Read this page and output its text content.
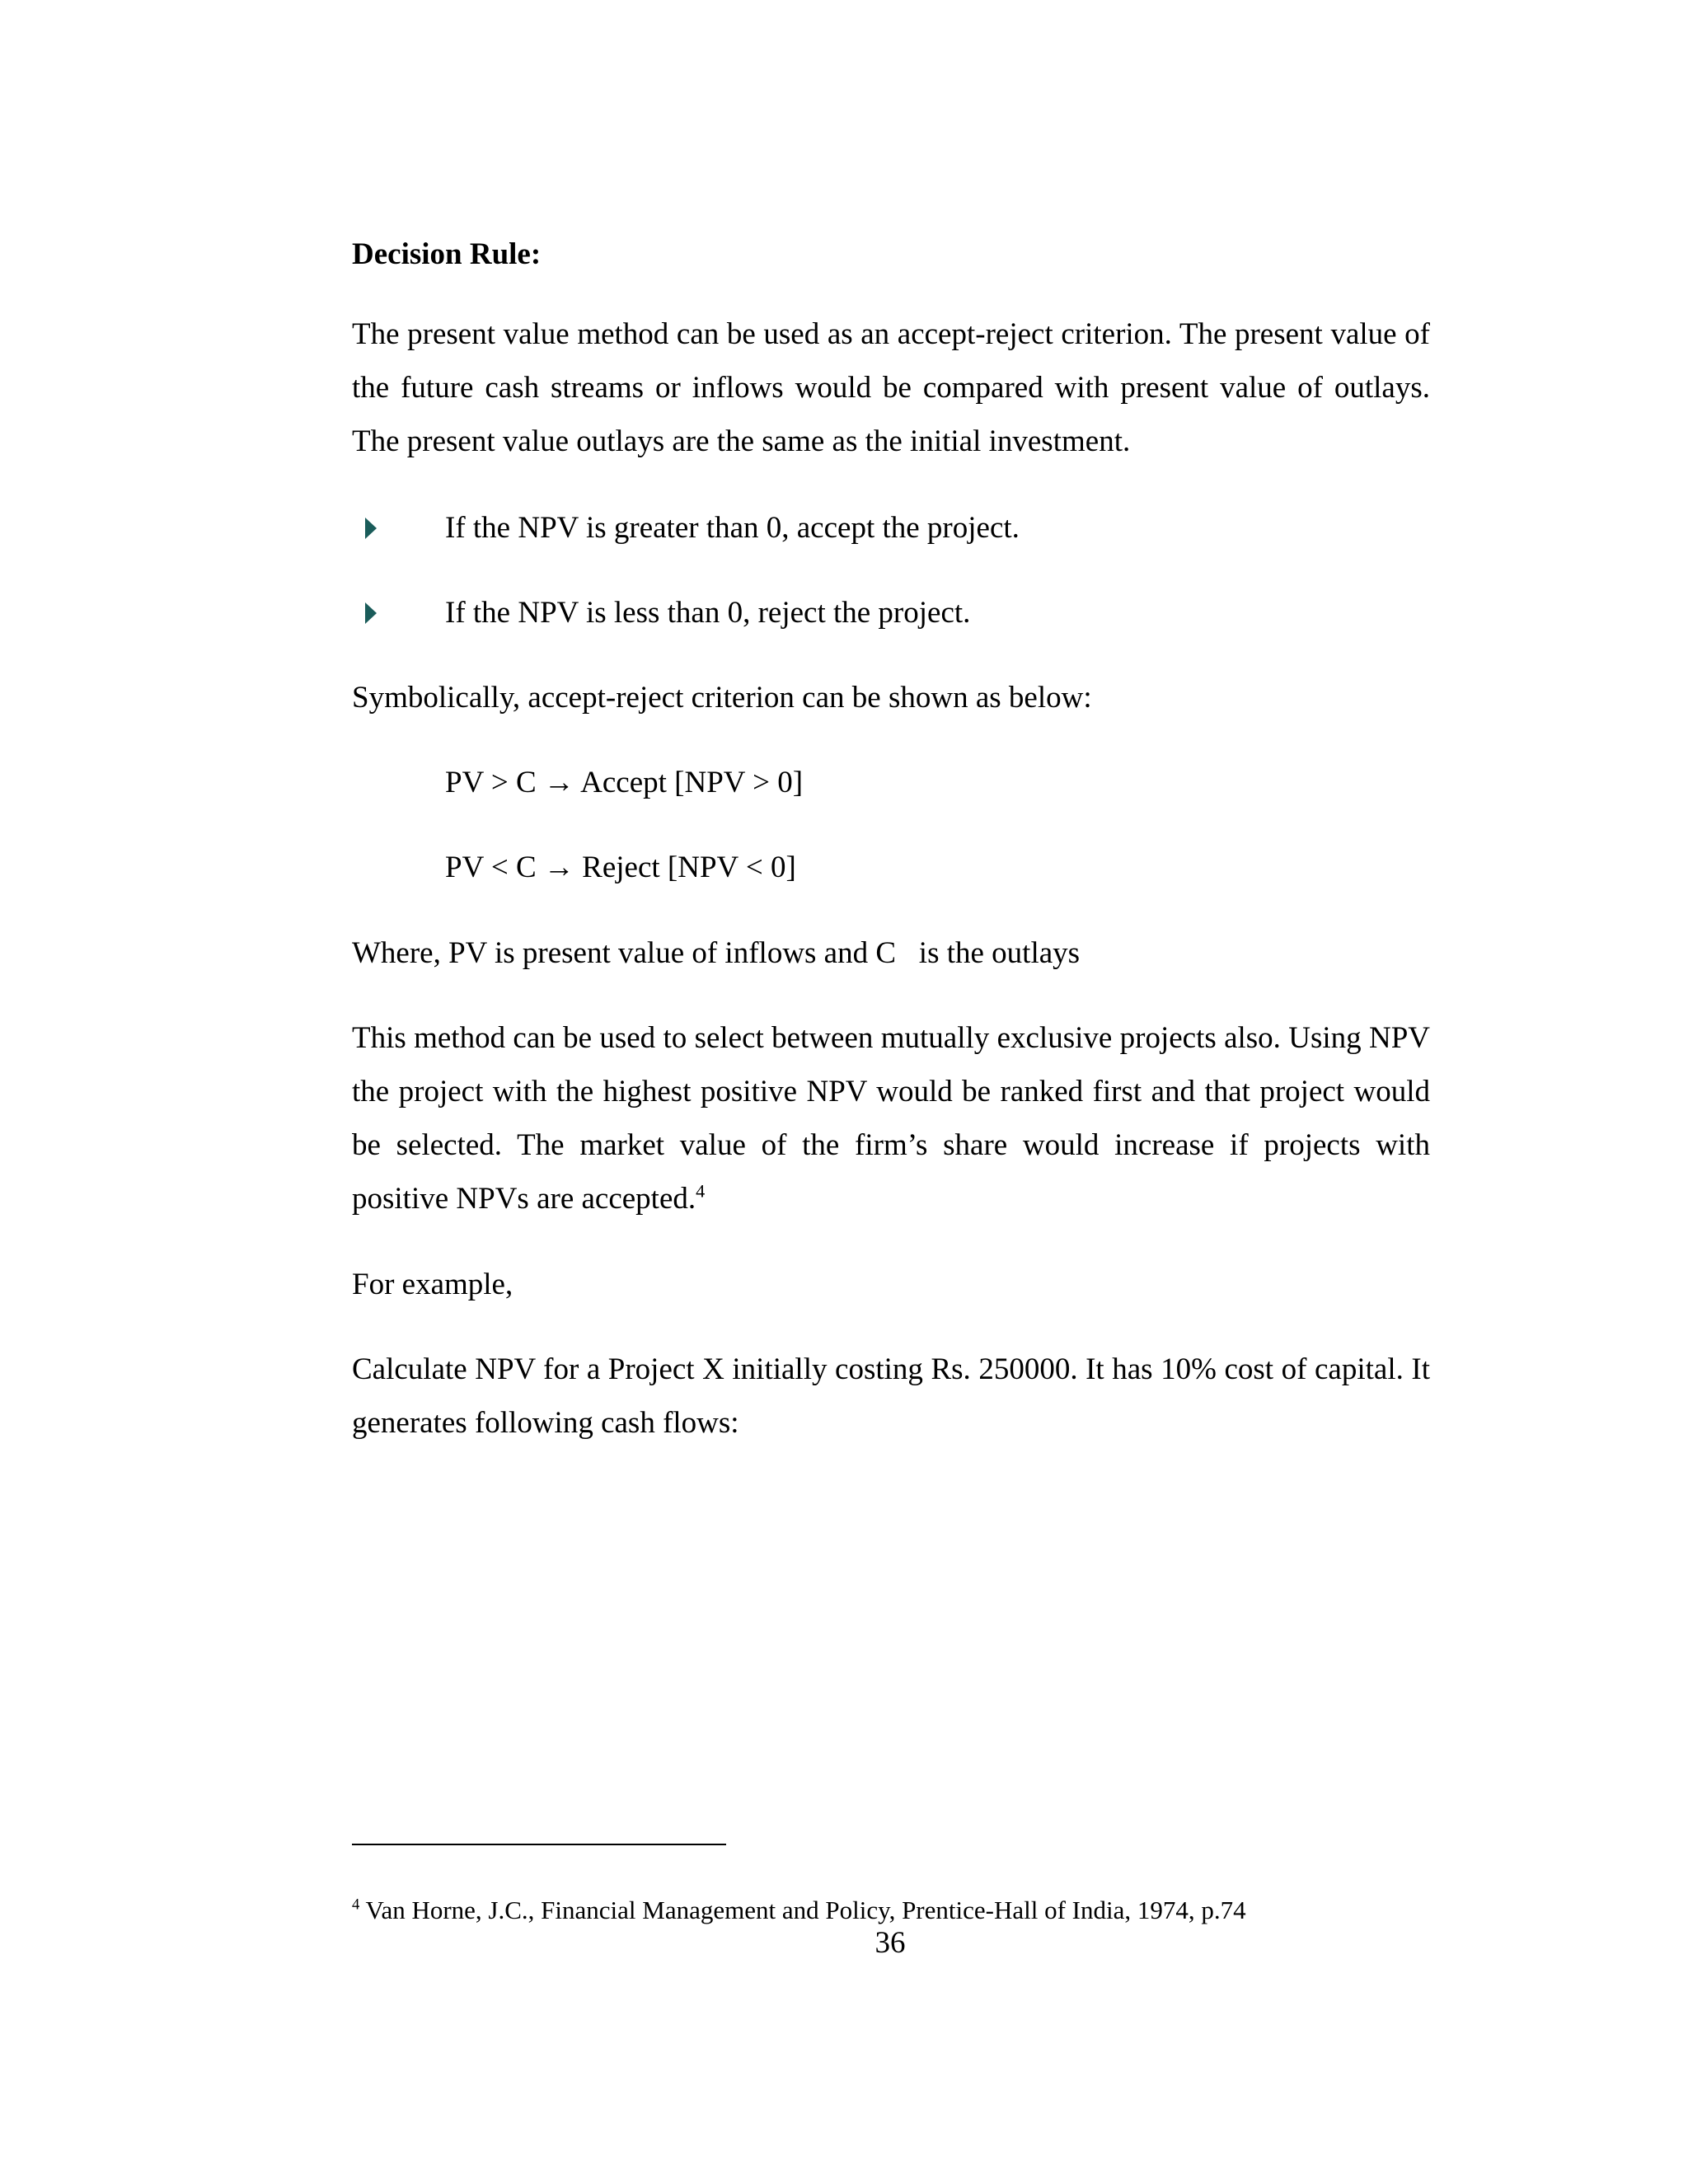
Decision Rule:

The present value method can be used as an accept-reject criterion. The present value of the future cash streams or inflows would be compared with present value of outlays. The present value outlays are the same as the initial investment.

If the NPV is greater than 0, accept the project.
If the NPV is less than 0, reject the project.

Symbolically, accept-reject criterion can be shown as below:

PV > C → Accept [NPV > 0]

PV < C → Reject [NPV < 0]

Where, PV is present value of inflows and C   is the outlays

This method can be used to select between mutually exclusive projects also. Using NPV the project with the highest positive NPV would be ranked first and that project would be selected. The market value of the firm’s share would increase if projects with positive NPVs are accepted.$^4$

For example,

Calculate NPV for a Project X initially costing Rs. 250000. It has 10% cost of capital. It generates following cash flows:

$^4$ Van Horne, J.C., Financial Management and Policy, Prentice-Hall of India, 1974, p.74
36
